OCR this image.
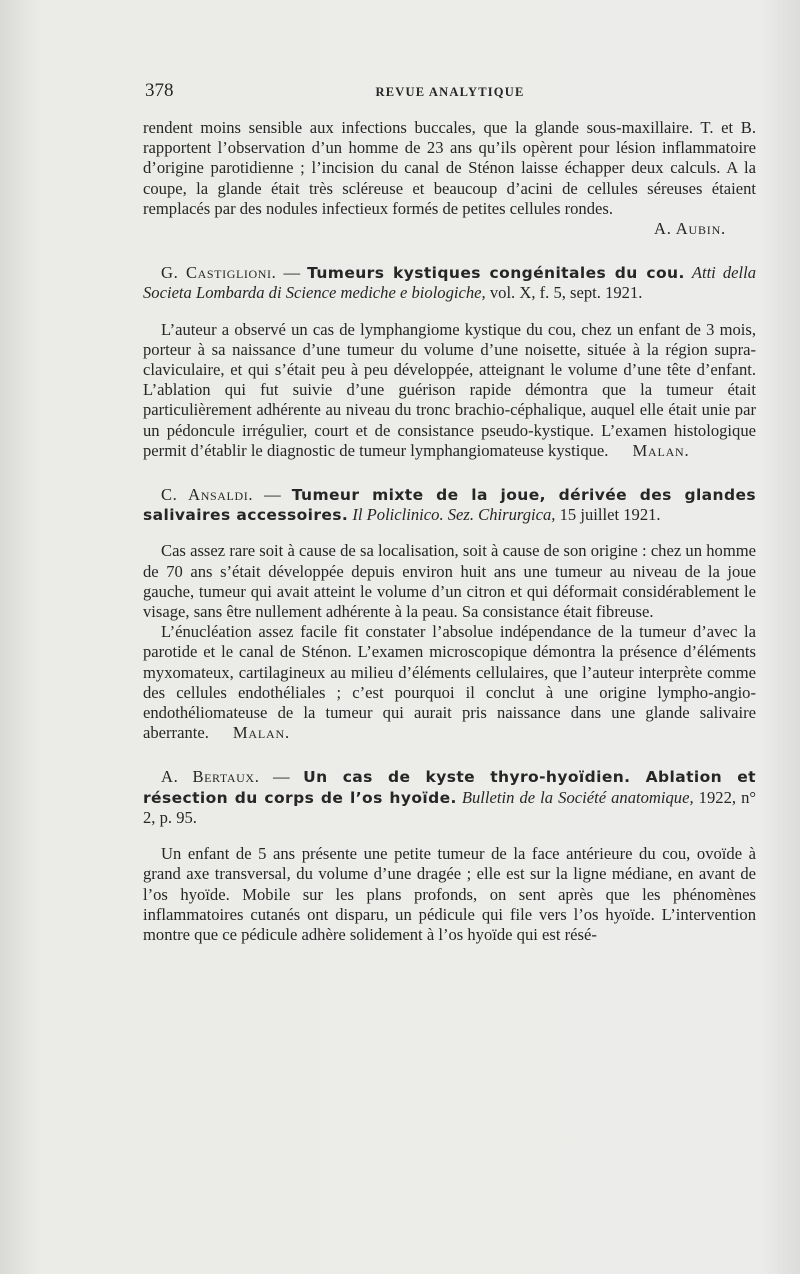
378	REVUE ANALYTIQUE

rendent moins sensible aux infections buccales, que la glande sous-maxillaire. T. et B. rapportent l’observation d’un homme de 23 ans qu’ils opèrent pour lésion inflammatoire d’origine parotidienne ; l’incision du canal de Sténon laisse échapper deux calculs. A la coupe, la glande était très scléreuse et beaucoup d’acini de cellules séreuses étaient remplacés par des nodules infectieux formés de petites cellules rondes.

A. Aubin.

G. Castiglioni. — Tumeurs kystiques congénitales du cou. Atti della Societa Lombarda di Science mediche e biologiche, vol. X, f. 5, sept. 1921.

L’auteur a observé un cas de lymphangiome kystique du cou, chez un enfant de 3 mois, porteur à sa naissance d’une tumeur du volume d’une noisette, située à la région supra-claviculaire, et qui s’était peu à peu développée, atteignant le volume d’une tête d’enfant. L’ablation qui fut suivie d’une guérison rapide démontra que la tumeur était particulièrement adhérente au niveau du tronc brachio-céphalique, auquel elle était unie par un pédoncule irrégulier, court et de consistance pseudo-kystique. L’examen histologique permit d’établir le diagnostic de tumeur lymphangiomateuse kystique. Malan.

C. Ansaldi. — Tumeur mixte de la joue, dérivée des glandes salivaires accessoires. Il Policlinico. Sez. Chirurgica, 15 juillet 1921.

Cas assez rare soit à cause de sa localisation, soit à cause de son origine : chez un homme de 70 ans s’était développée depuis environ huit ans une tumeur au niveau de la joue gauche, tumeur qui avait atteint le volume d’un citron et qui déformait considérablement le visage, sans être nullement adhérente à la peau. Sa consistance était fibreuse.

L’énucléation assez facile fit constater l’absolue indépendance de la tumeur d’avec la parotide et le canal de Sténon. L’examen microscopique démontra la présence d’éléments myxomateux, cartilagineux au milieu d’éléments cellulaires, que l’auteur interprète comme des cellules endothéliales ; c’est pourquoi il conclut à une origine lympho-angio-endothéliomateuse de la tumeur qui aurait pris naissance dans une glande salivaire aberrante. Malan.

A. Bertaux. — Un cas de kyste thyro-hyoïdien. Ablation et résection du corps de l’os hyoïde. Bulletin de la Société anatomique, 1922, n° 2, p. 95.

Un enfant de 5 ans présente une petite tumeur de la face antérieure du cou, ovoïde à grand axe transversal, du volume d’une dragée ; elle est sur la ligne médiane, en avant de l’os hyoïde. Mobile sur les plans profonds, on sent après que les phénomènes inflammatoires cutanés ont disparu, un pédicule qui file vers l’os hyoïde. L’intervention montre que ce pédicule adhère solidement à l’os hyoïde qui est résé-
